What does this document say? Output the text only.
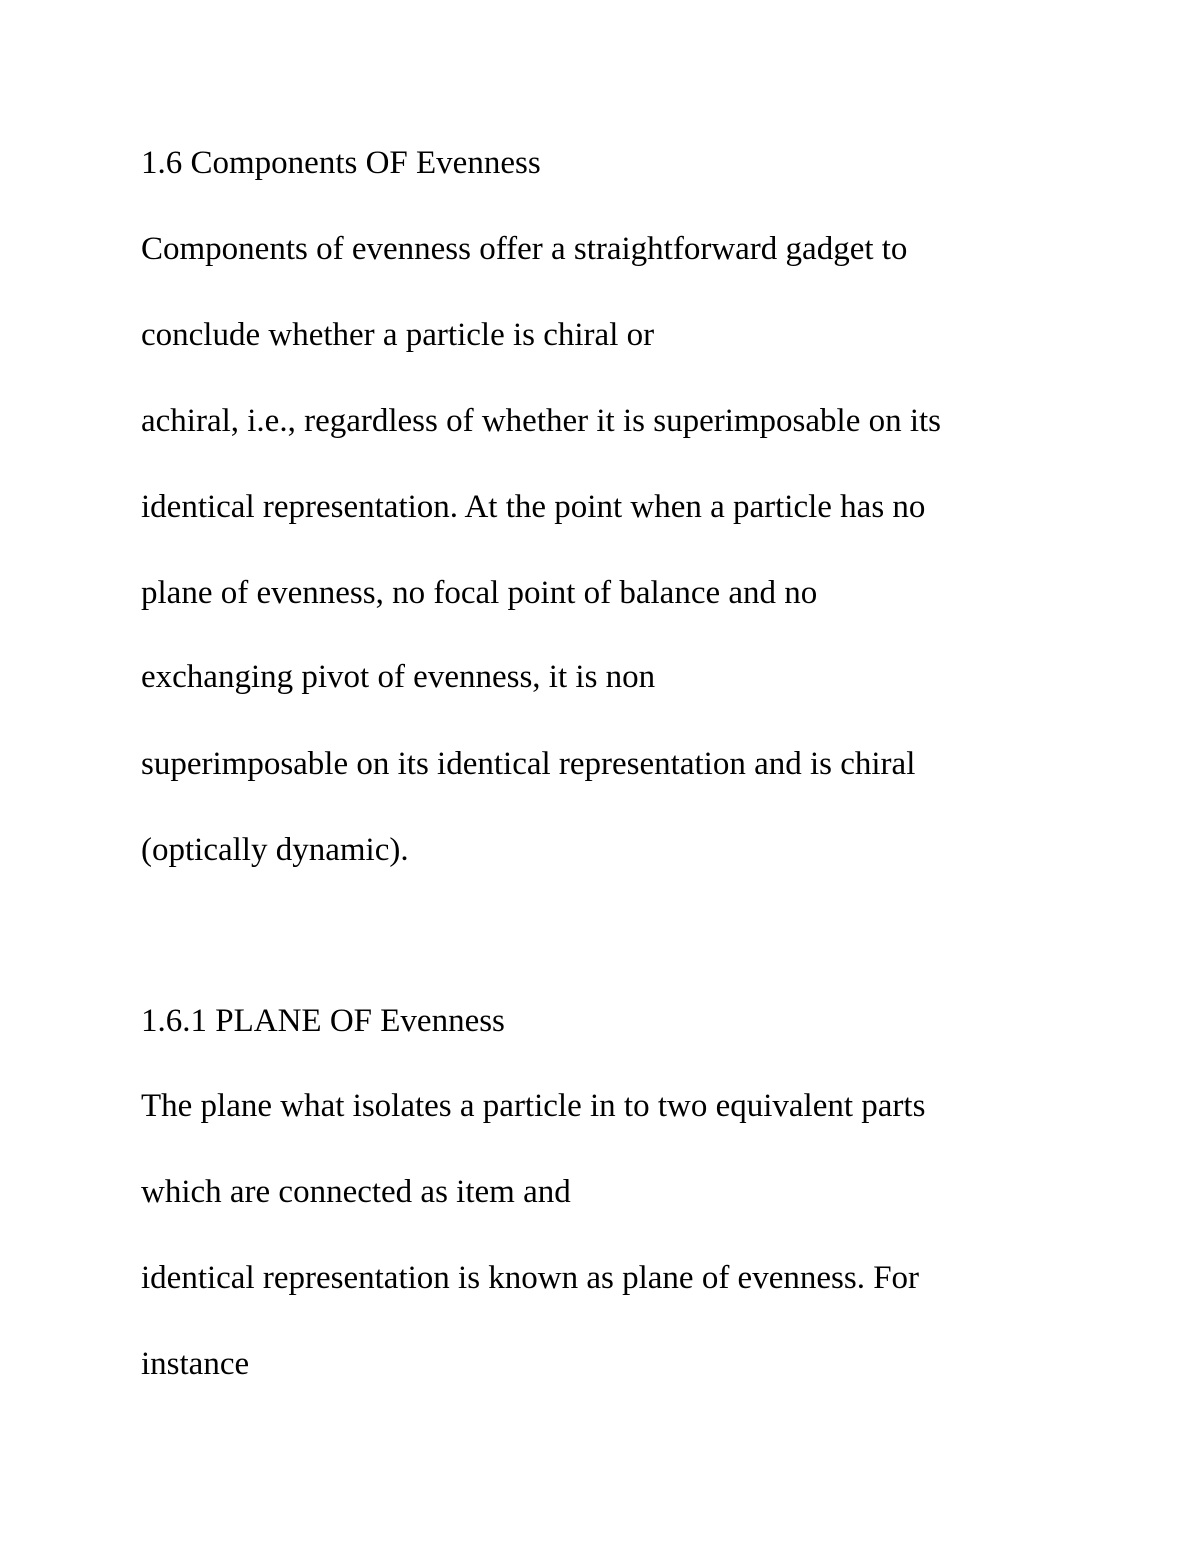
1.6 Components OF Evenness

Components of evenness offer a straightforward gadget to

conclude whether a particle is chiral or

achiral, i.e., regardless of whether it is superimposable on its

identical representation. At the point when a particle has no

plane of evenness, no focal point of balance and no

exchanging pivot of evenness, it is non

superimposable on its identical representation and is chiral

(optically dynamic).

1.6.1 PLANE OF Evenness

The plane what isolates a particle in to two equivalent parts

which are connected as item and

identical representation is known as plane of evenness. For

instance
